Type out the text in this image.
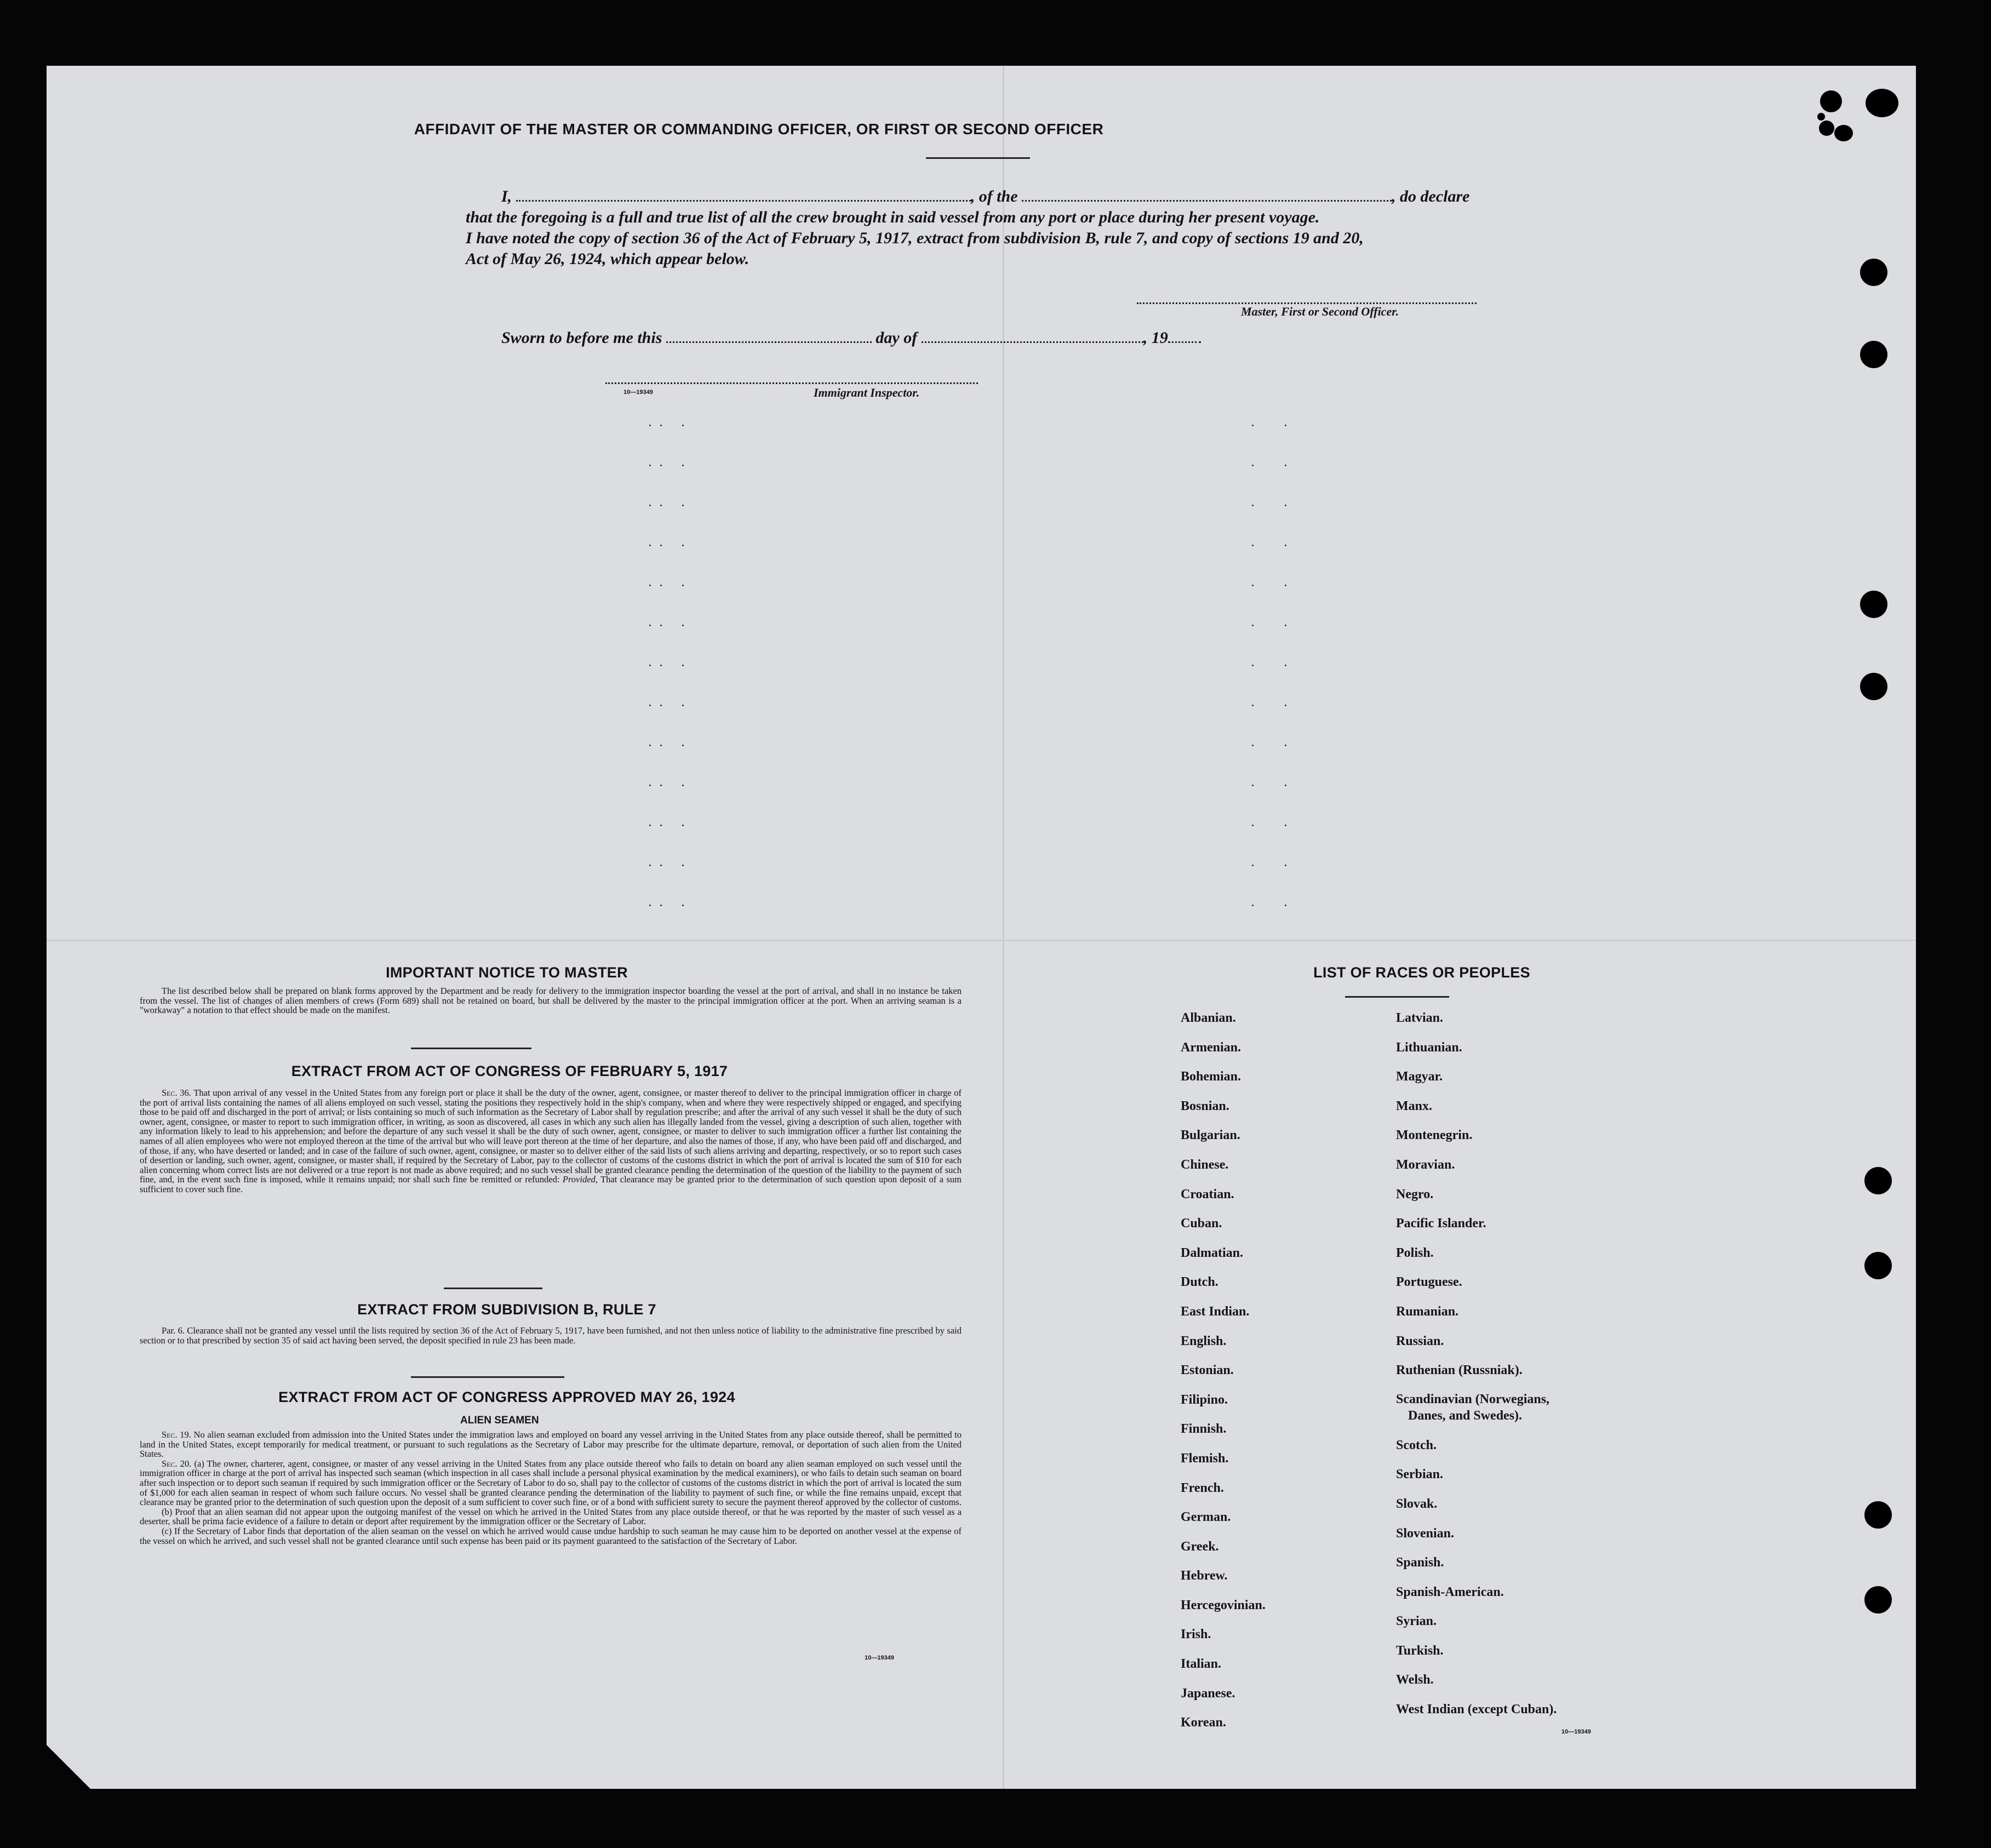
AFFIDAVIT OF THE MASTER OR COMMANDING OFFICER, OR FIRST OR SECOND OFFICER
I,	, of the	, do declare
that the foregoing is a full and true list of all the crew brought in said vessel from any port or place during her present voyage.
I have noted the copy of section 36 of the Act of February 5, 1917, extract from subdivision B, rule 7, and copy of sections 19 and 20,
Act of May 26, 1924, which appear below.
Master, First or Second Officer.
Sworn to before me this	day of	, 19
10—19349	Immigrant Inspector.
IMPORTANT NOTICE TO MASTER
The list described below shall be prepared on blank forms approved by the Department and be ready for delivery to the immigration inspector boarding the vessel at the port of arrival, and shall in no instance be taken from the vessel. The list of changes of alien members of crews (Form 689) shall not be retained on board, but shall be delivered by the master to the principal immigration officer at the port. When an arriving seaman is a "workaway" a notation to that effect should be made on the manifest.
EXTRACT FROM ACT OF CONGRESS OF FEBRUARY 5, 1917
Sec. 36. That upon arrival of any vessel in the United States from any foreign port or place it shall be the duty of the owner, agent, consignee, or master thereof to deliver to the principal immigration officer in charge of the port of arrival lists containing the names of all aliens employed on such vessel, stating the positions they respectively hold in the ship's company, when and where they were respectively shipped or engaged, and specifying those to be paid off and discharged in the port of arrival; or lists containing so much of such information as the Secretary of Labor shall by regulation prescribe; and after the arrival of any such vessel it shall be the duty of such owner, agent, consignee, or master to report to such immigration officer, in writing, as soon as discovered, all cases in which any such alien has illegally landed from the vessel, giving a description of such alien, together with any information likely to lead to his apprehension; and before the departure of any such vessel it shall be the duty of such owner, agent, consignee, or master to deliver to such immigration officer a further list containing the names of all alien employees who were not employed thereon at the time of the arrival but who will leave port thereon at the time of her departure, and also the names of those, if any, who have been paid off and discharged, and of those, if any, who have deserted or landed; and in case of the failure of such owner, agent, consignee, or master so to deliver either of the said lists of such aliens arriving and departing, respectively, or so to report such cases of desertion or landing, such owner, agent, consignee, or master shall, if required by the Secretary of Labor, pay to the collector of customs of the customs district in which the port of arrival is located the sum of $10 for each alien concerning whom correct lists are not delivered or a true report is not made as above required; and no such vessel shall be granted clearance pending the determination of the question of the liability to the payment of such fine, and, in the event such fine is imposed, while it remains unpaid; nor shall such fine be remitted or refunded: Provided, That clearance may be granted prior to the determination of such question upon deposit of a sum sufficient to cover such fine.
EXTRACT FROM SUBDIVISION B, RULE 7
Par. 6. Clearance shall not be granted any vessel until the lists required by section 36 of the Act of February 5, 1917, have been furnished, and not then unless notice of liability to the administrative fine prescribed by said section or to that prescribed by section 35 of said act having been served, the deposit specified in rule 23 has been made.
EXTRACT FROM ACT OF CONGRESS APPROVED MAY 26, 1924
ALIEN SEAMEN

Sec. 19. No alien seaman excluded from admission into the United States under the immigration laws and employed on board any vessel arriving in the United States from any place outside thereof, shall be permitted to land in the United States, except temporarily for medical treatment, or pursuant to such regulations as the Secretary of Labor may prescribe for the ultimate departure, removal, or deportation of such alien from the United States.

Sec. 20. (a) The owner, charterer, agent, consignee, or master of any vessel arriving in the United States from any place outside thereof who fails to detain on board any alien seaman employed on such vessel until the immigration officer in charge at the port of arrival has inspected such seaman (which inspection in all cases shall include a personal physical examination by the medical examiners), or who fails to detain such seaman on board after such inspection or to deport such seaman if required by such immigration officer or the Secretary of Labor to do so, shall pay to the collector of customs of the customs district in which the port of arrival is located the sum of $1,000 for each alien seaman in respect of whom such failure occurs. No vessel shall be granted clearance pending the determination of the liability to payment of such fine, or while the fine remains unpaid, except that clearance may be granted prior to the determination of such question upon the deposit of a sum sufficient to cover such fine, or of a bond with sufficient surety to secure the payment thereof approved by the collector of customs.

(b) Proof that an alien seaman did not appear upon the outgoing manifest of the vessel on which he arrived in the United States from any place outside thereof, or that he was reported by the master of such vessel as a deserter, shall be prima facie evidence of a failure to detain or deport after requirement by the immigration officer or the Secretary of Labor.

(c) If the Secretary of Labor finds that deportation of the alien seaman on the vessel on which he arrived would cause undue hardship to such seaman he may cause him to be deported on another vessel at the expense of the vessel on which he arrived, and such vessel shall not be granted clearance until such expense has been paid or its payment guaranteed to the satisfaction of the Secretary of Labor.

10—19349
LIST OF RACES OR PEOPLES
Albanian.
Armenian.
Bohemian.
Bosnian.
Bulgarian.
Chinese.
Croatian.
Cuban.
Dalmatian.
Dutch.
East Indian.
English.
Estonian.
Filipino.
Finnish.
Flemish.
French.
German.
Greek.
Hebrew.
Hercegovinian.
Irish.
Italian.
Japanese.
Korean.
Latvian.
Lithuanian.
Magyar.
Manx.
Montenegrin.
Moravian.
Negro.
Pacific Islander.
Polish.
Portuguese.
Rumanian.
Russian.
Ruthenian (Russniak).
Scandinavian (Norwegians,
Danes, and Swedes).
Scotch.
Serbian.
Slovak.
Slovenian.
Spanish.
Spanish-American.
Syrian.
Turkish.
Welsh.
West Indian (except Cuban).
10—19349
